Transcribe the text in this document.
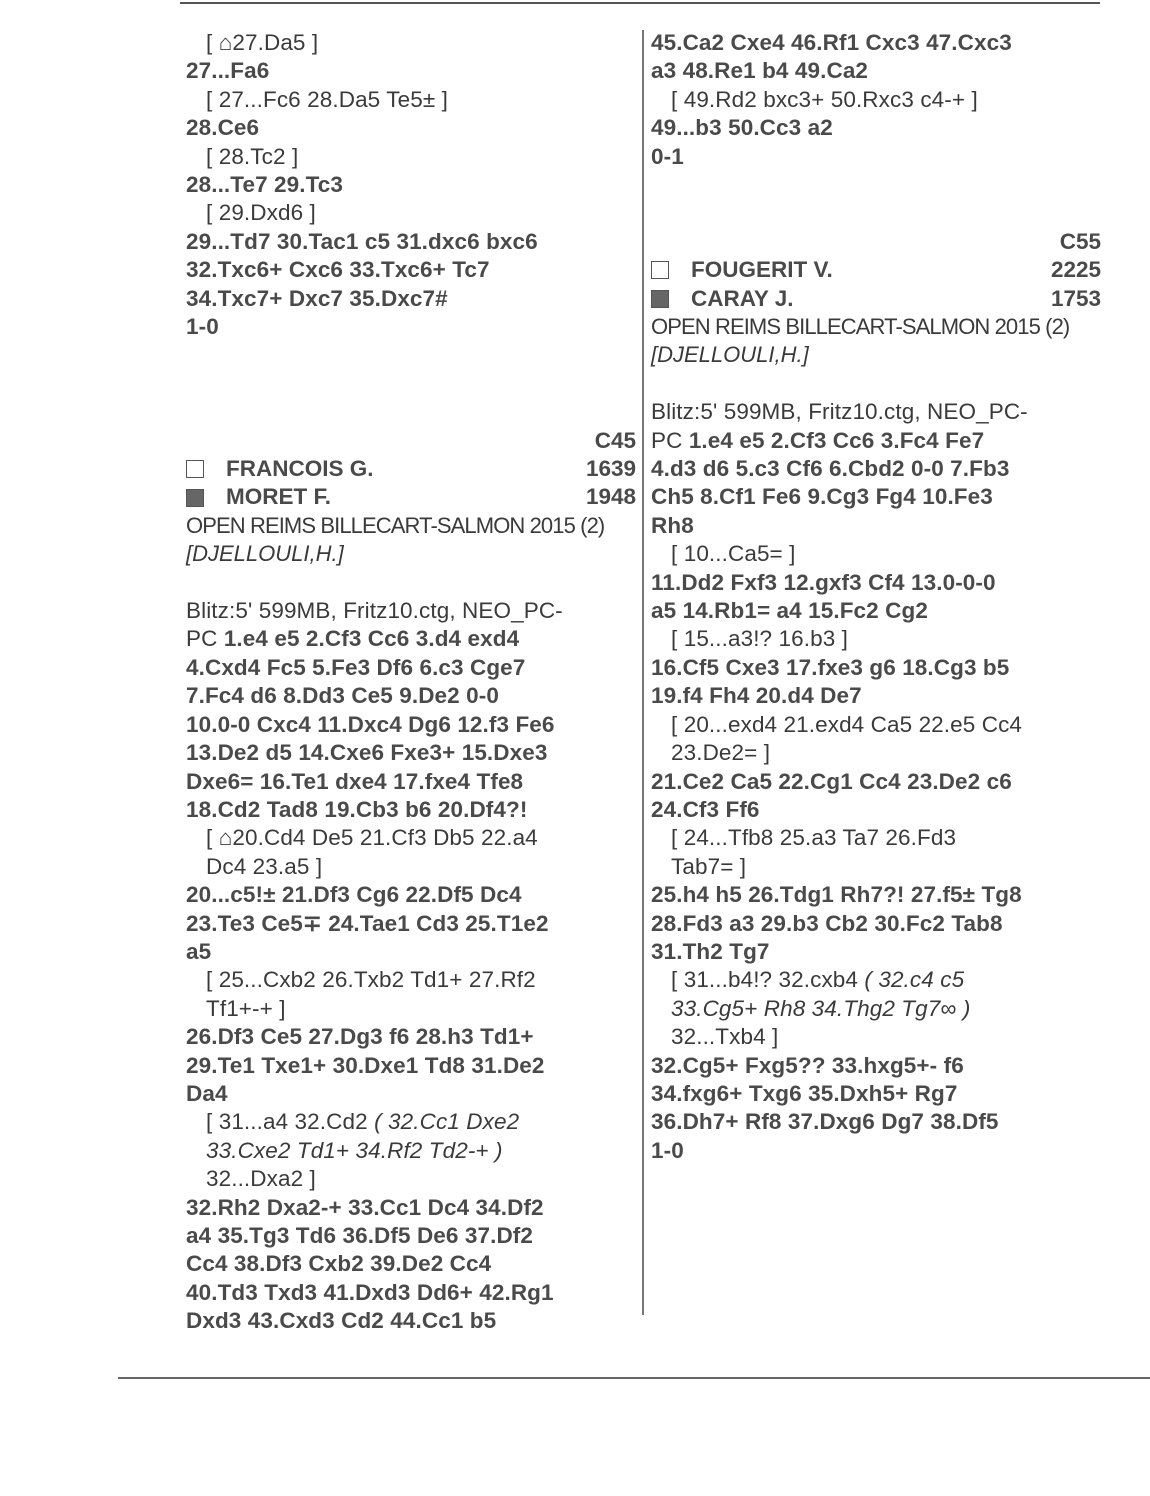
[ ⌂27.Da5 ]
27...Fa6
[ 27...Fc6 28.Da5 Te5± ]
28.Ce6
[ 28.Tc2 ]
28...Te7 29.Tc3
[ 29.Dxd6 ]
29...Td7 30.Tac1 c5 31.dxc6 bxc6
32.Txc6+ Cxc6 33.Txc6+ Tc7
34.Txc7+ Dxc7 35.Dxc7#
1-0
C45
FRANCOIS G.	1639
MORET F.	1948
OPEN REIMS BILLECART-SALMON 2015 (2)
[DJELLOULI,H.]
Blitz:5' 599MB, Fritz10.ctg, NEO_PC-
PC 1.e4 e5 2.Cf3 Cc6 3.d4 exd4
4.Cxd4 Fc5 5.Fe3 Df6 6.c3 Cge7
7.Fc4 d6 8.Dd3 Ce5 9.De2 0-0
10.0-0 Cxc4 11.Dxc4 Dg6 12.f3 Fe6
13.De2 d5 14.Cxe6 Fxe3+ 15.Dxe3
Dxe6= 16.Te1 dxe4 17.fxe4 Tfe8
18.Cd2 Tad8 19.Cb3 b6 20.Df4?!
[ ⌂20.Cd4 De5 21.Cf3 Db5 22.a4
Dc4 23.a5 ]
20...c5!± 21.Df3 Cg6 22.Df5 Dc4
23.Te3 Ce5∓ 24.Tae1 Cd3 25.T1e2
a5
[ 25...Cxb2 26.Txb2 Td1+ 27.Rf2
Tf1+-+ ]
26.Df3 Ce5 27.Dg3 f6 28.h3 Td1+
29.Te1 Txe1+ 30.Dxe1 Td8 31.De2
Da4
[ 31...a4 32.Cd2 ( 32.Cc1 Dxe2
33.Cxe2 Td1+ 34.Rf2 Td2-+ )
32...Dxa2 ]
32.Rh2 Dxa2-+ 33.Cc1 Dc4 34.Df2
a4 35.Tg3 Td6 36.Df5 De6 37.Df2
Cc4 38.Df3 Cxb2 39.De2 Cc4
40.Td3 Txd3 41.Dxd3 Dd6+ 42.Rg1
Dxd3 43.Cxd3 Cd2 44.Cc1 b5
45.Ca2 Cxe4 46.Rf1 Cxc3 47.Cxc3
a3 48.Re1 b4 49.Ca2
[ 49.Rd2 bxc3+ 50.Rxc3 c4-+ ]
49...b3 50.Cc3 a2
0-1
C55
FOUGERIT V.	2225
CARAY J.	1753
OPEN REIMS BILLECART-SALMON 2015 (2)
[DJELLOULI,H.]
Blitz:5' 599MB, Fritz10.ctg, NEO_PC-
PC 1.e4 e5 2.Cf3 Cc6 3.Fc4 Fe7
4.d3 d6 5.c3 Cf6 6.Cbd2 0-0 7.Fb3
Ch5 8.Cf1 Fe6 9.Cg3 Fg4 10.Fe3
Rh8
[ 10...Ca5= ]
11.Dd2 Fxf3 12.gxf3 Cf4 13.0-0-0
a5 14.Rb1= a4 15.Fc2 Cg2
[ 15...a3!? 16.b3 ]
16.Cf5 Cxe3 17.fxe3 g6 18.Cg3 b5
19.f4 Fh4 20.d4 De7
[ 20...exd4 21.exd4 Ca5 22.e5 Cc4
23.De2= ]
21.Ce2 Ca5 22.Cg1 Cc4 23.De2 c6
24.Cf3 Ff6
[ 24...Tfb8 25.a3 Ta7 26.Fd3
Tab7= ]
25.h4 h5 26.Tdg1 Rh7?! 27.f5± Tg8
28.Fd3 a3 29.b3 Cb2 30.Fc2 Tab8
31.Th2 Tg7
[ 31...b4!? 32.cxb4 ( 32.c4 c5
33.Cg5+ Rh8 34.Thg2 Tg7∞ )
32...Txb4 ]
32.Cg5+ Fxg5?? 33.hxg5+- f6
34.fxg6+ Txg6 35.Dxh5+ Rg7
36.Dh7+ Rf8 37.Dxg6 Dg7 38.Df5
1-0
